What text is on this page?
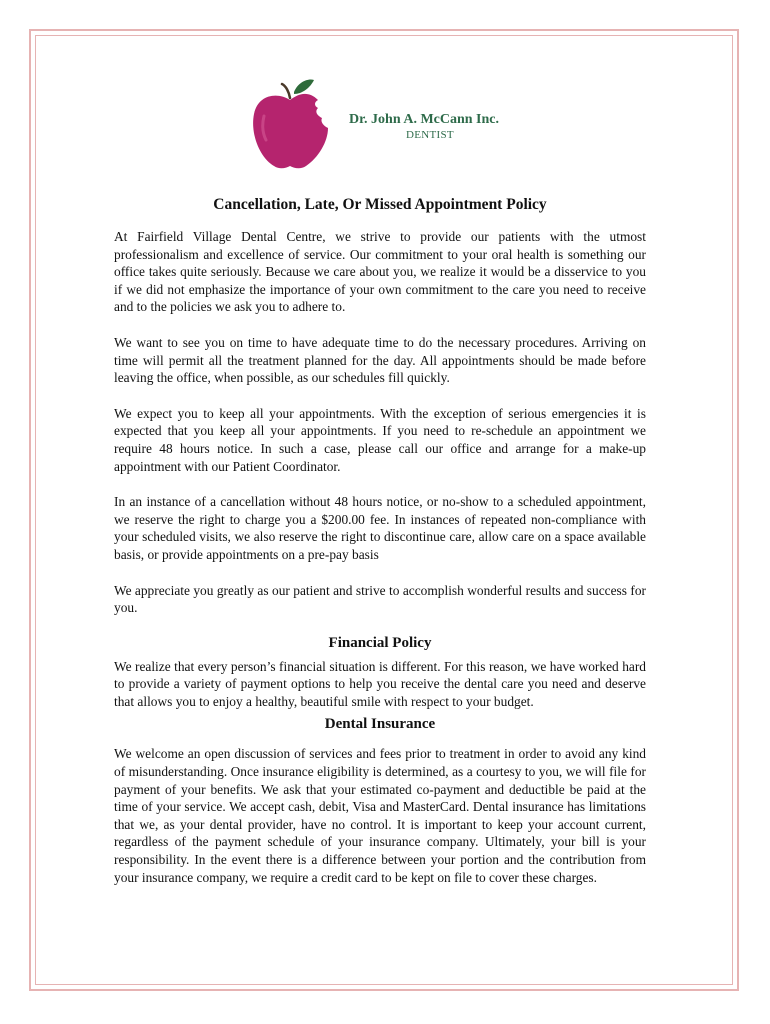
Dr. John A. McCann Inc.
DENTIST
Cancellation, Late, Or Missed Appointment Policy

At Fairfield Village Dental Centre, we strive to provide our patients with the utmost professionalism and excellence of service. Our commitment to your oral health is something our office takes quite seriously. Because we care about you, we realize it would be a disservice to you if we did not emphasize the importance of your own commitment to the care you need to receive and to the policies we ask you to adhere to.

We want to see you on time to have adequate time to do the necessary procedures. Arriving on time will permit all the treatment planned for the day. All appointments should be made before leaving the office, when possible, as our schedules fill quickly.

We expect you to keep all your appointments. With the exception of serious emergencies it is expected that you keep all your appointments. If you need to re-schedule an appointment we require 48 hours notice. In such a case, please call our office and arrange for a make-up appointment with our Patient Coordinator.

In an instance of a cancellation without 48 hours notice, or no-show to a scheduled appointment, we reserve the right to charge you a $200.00 fee. In instances of repeated non-compliance with your scheduled visits, we also reserve the right to discontinue care, allow care on a space available basis, or provide appointments on a pre-pay basis

We appreciate you greatly as our patient and strive to accomplish wonderful results and success for you.

Financial Policy

We realize that every person’s financial situation is different. For this reason, we have worked hard to provide a variety of payment options to help you receive the dental care you need and deserve that allows you to enjoy a healthy, beautiful smile with respect to your budget.

Dental Insurance

We welcome an open discussion of services and fees prior to treatment in order to avoid any kind of misunderstanding. Once insurance eligibility is determined, as a courtesy to you, we will file for payment of your benefits. We ask that your estimated co-payment and deductible be paid at the time of your service. We accept cash, debit, Visa and MasterCard. Dental insurance has limitations that we, as your dental provider, have no control. It is important to keep your account current, regardless of the payment schedule of your insurance company. Ultimately, your bill is your responsibility. In the event there is a difference between your portion and the contribution from your insurance company, we require a credit card to be kept on file to cover these charges.
